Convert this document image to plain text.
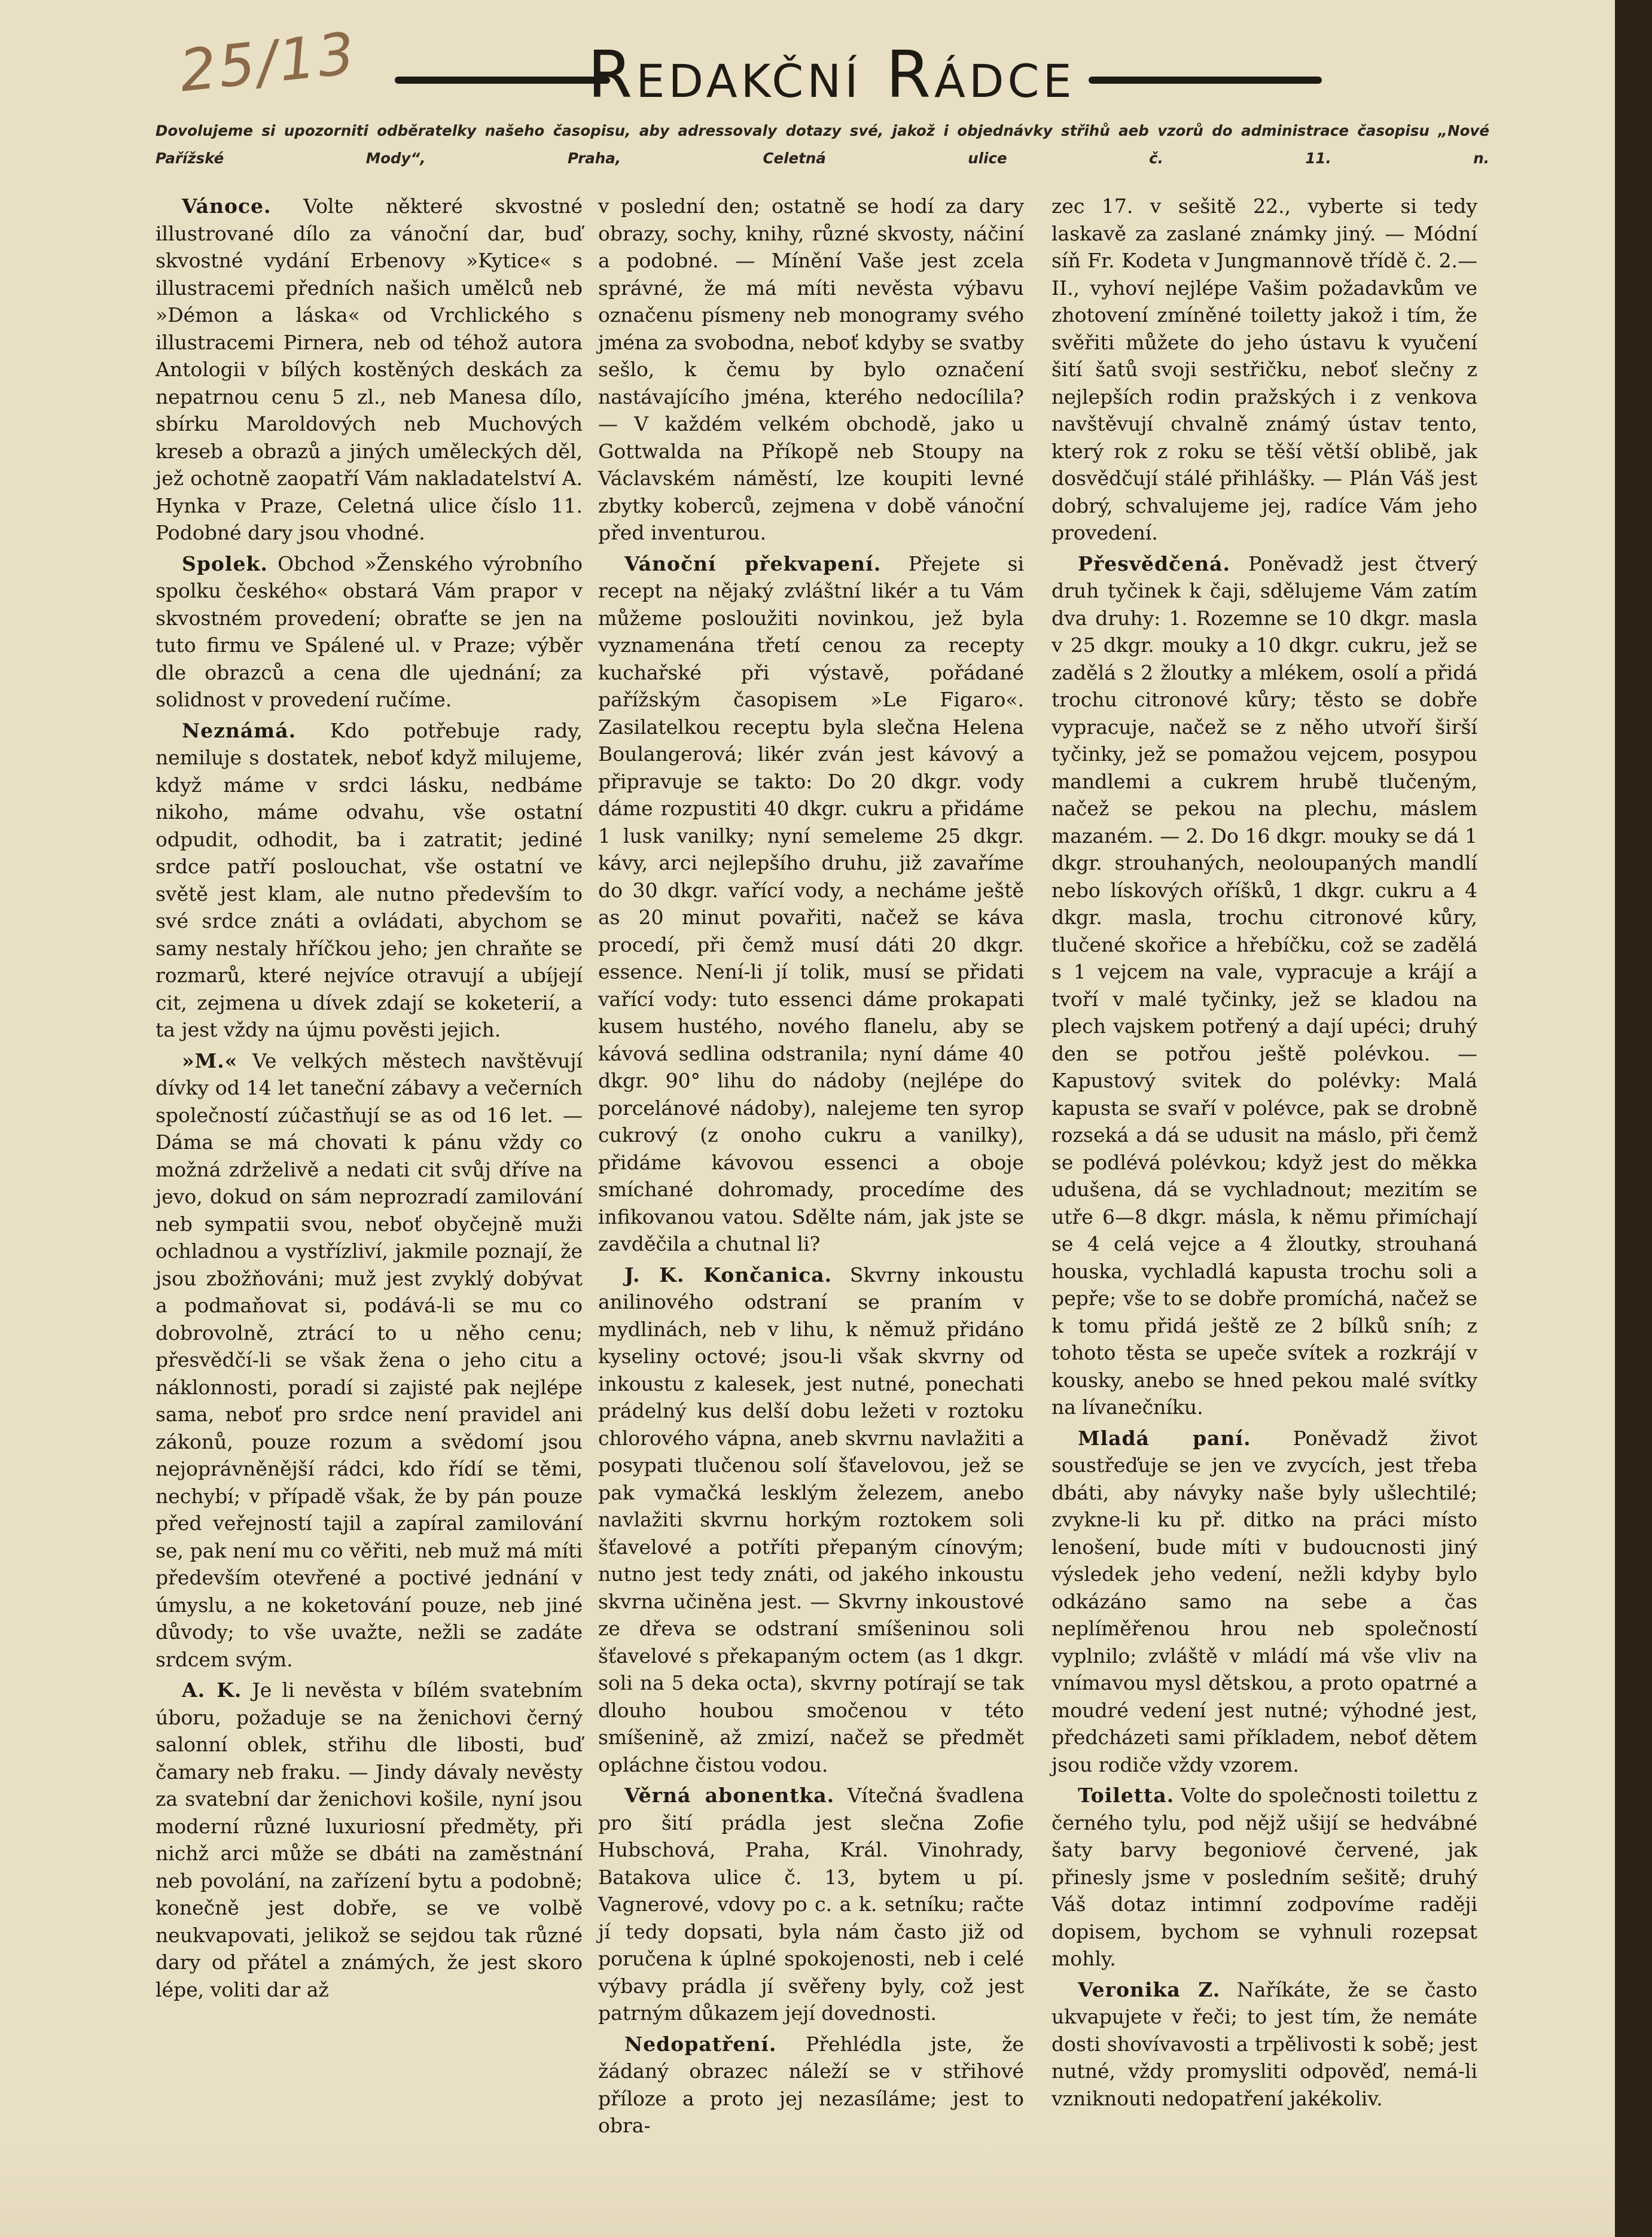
25/13	Redakční Rádce
Dovolujeme si upozorniti odběratelky našeho časopisu, aby adressovaly dotazy své, jakož i objednávky střihů aeb vzorů do administrace časopisu „Nové Pařížské Mody“, Praha, Celetná ulice č. 11. n.

Vánoce. Volte některé skvostné illustrované dílo za vánoční dar, buď skvostné vydání Erbenovy »Kytice« s illustracemi předních našich umělců neb »Démon a láska« od Vrchlického s illustracemi Pirnera, neb od téhož autora Antologii v bílých kostěných deskách za nepatrnou cenu 5 zl., neb Manesa dílo, sbírku Maroldových neb Muchových kreseb a obrazů a jiných uměleckých děl, jež ochotně zaopatří Vám nakladatelství A. Hynka v Praze, Celetná ulice číslo 11. Podobné dary jsou vhodné.

Spolek. Obchod »Ženského výrobního spolku českého« obstará Vám prapor v skvostném provedení; obraťte se jen na tuto firmu ve Spálené ul. v Praze; výběr dle obrazců a cena dle ujednání; za solidnost v provedení ručíme.

Neznámá. Kdo potřebuje rady, nemiluje s dostatek, neboť když milujeme, když máme v srdci lásku, nedbáme nikoho, máme odvahu, vše ostatní odpudit, odhodit, ba i zatratit; jediné srdce patří poslouchat, vše ostatní ve světě jest klam, ale nutno především to své srdce znáti a ovládati, abychom se samy nestaly hříčkou jeho; jen chraňte se rozmarů, které nejvíce otravují a ubíjejí cit, zejmena u dívek zdají se koketerií, a ta jest vždy na újmu pověsti jejich.

»M.« Ve velkých městech navštěvují dívky od 14 let taneční zábavy a večerních společností zúčastňují se as od 16 let. — Dáma se má chovati k pánu vždy co možná zdrželivě a nedati cit svůj dříve na jevo, dokud on sám neprozradí zamilování neb sympatii svou, neboť obyčejně muži ochladnou a vystřízliví, jakmile poznají, že jsou zbožňováni; muž jest zvyklý dobývat a podmaňovat si, podává-li se mu co dobrovolně, ztrácí to u něho cenu; přesvědčí-li se však žena o jeho citu a náklonnosti, poradí si zajisté pak nejlépe sama, neboť pro srdce není pravidel ani zákonů, pouze rozum a svědomí jsou nejoprávněnější rádci, kdo řídí se těmi, nechybí; v případě však, že by pán pouze před veřejností tajil a zapíral zamilování se, pak není mu co věřiti, neb muž má míti především otevřené a poctivé jednání v úmyslu, a ne koketování pouze, neb jiné důvody; to vše uvažte, nežli se zadáte srdcem svým.

A. K. Je li nevěsta v bílém svatebním úboru, požaduje se na ženichovi černý salonní oblek, střihu dle libosti, buď čamary neb fraku. — Jindy dávaly nevěsty za svatební dar ženichovi košile, nyní jsou moderní různé luxuriosní předměty, při nichž arci může se dbáti na zaměstnání neb povolání, na zařízení bytu a podobně; konečně jest dobře, se ve volbě neukvapovati, jelikož se sejdou tak různé dary od přátel a známých, že jest skoro lépe, voliti dar až

v poslední den; ostatně se hodí za dary obrazy, sochy, knihy, různé skvosty, náčiní a podobné. — Mínění Vaše jest zcela správné, že má míti nevěsta výbavu označenu písmeny neb monogramy svého jména za svobodna, neboť kdyby se svatby sešlo, k čemu by bylo označení nastávajícího jména, kterého nedocílila? — V každém velkém obchodě, jako u Gottwalda na Příkopě neb Stoupy na Václavském náměstí, lze koupiti levné zbytky koberců, zejmena v době vánoční před inventurou.

Vánoční překvapení. Přejete si recept na nějaký zvláštní likér a tu Vám můžeme posloužiti novinkou, jež byla vyznamenána třetí cenou za recepty kuchařské při výstavě, pořádané pařížským časopisem »Le Figaro«. Zasilatelkou receptu byla slečna Helena Boulangerová; likér zván jest kávový a připravuje se takto: Do 20 dkgr. vody dáme rozpustiti 40 dkgr. cukru a přidáme 1 lusk vanilky; nyní semeleme 25 dkgr. kávy, arci nejlepšího druhu, již zavaříme do 30 dkgr. vařící vody, a necháme ještě as 20 minut povařiti, načež se káva procedí, při čemž musí dáti 20 dkgr. essence. Není-li jí tolik, musí se přidati vařící vody: tuto essenci dáme prokapati kusem hustého, nového flanelu, aby se kávová sedlina odstranila; nyní dáme 40 dkgr. 90° lihu do nádoby (nejlépe do porcelánové nádoby), nalejeme ten syrop cukrový (z onoho cukru a vanilky), přidáme kávovou essenci a oboje smíchané dohromady, procedíme des infikovanou vatou. Sdělte nám, jak jste se zavděčila a chutnal li?

J. K. Končanica. Skvrny inkoustu anilinového odstraní se praním v mydlinách, neb v lihu, k němuž přidáno kyseliny octové; jsou-li však skvrny od inkoustu z kalesek, jest nutné, ponechati prádelný kus delší dobu ležeti v roztoku chlorového vápna, aneb skvrnu navlažiti a posypati tlučenou solí šťavelovou, jež se pak vymačká lesklým železem, anebo navlažiti skvrnu horkým roztokem soli šťavelové a potříti přepaným cínovým; nutno jest tedy znáti, od jakého inkoustu skvrna učiněna jest. — Skvrny inkoustové ze dřeva se odstraní smíšeninou soli šťavelové s překapaným octem (as 1 dkgr. soli na 5 deka octa), skvrny potírají se tak dlouho houbou smočenou v této smíšenině, až zmizí, načež se předmět opláchne čistou vodou.

Věrná abonentka. Vítečná švadlena pro šití prádla jest slečna Zofie Hubschová, Praha, Král. Vinohrady, Batakova ulice č. 13, bytem u pí. Vagnerové, vdovy po c. a k. setníku; račte jí tedy dopsati, byla nám často již od poručena k úplné spokojenosti, neb i celé výbavy prádla jí svěřeny byly, což jest patrným důkazem její dovednosti.

Nedopatření. Přehlédla jste, že žádaný obrazec náleží se v střihové příloze a proto jej nezasíláme; jest to obra-

zec 17. v sešitě 22., vyberte si tedy laskavě za zaslané známky jiný. — Módní síň Fr. Kodeta v Jungmannově třídě č. 2.—II., vyhoví nejlépe Vašim požadavkům ve zhotovení zmíněné toiletty jakož i tím, že svěřiti můžete do jeho ústavu k vyučení šití šatů svoji sestřičku, neboť slečny z nejlepších rodin pražských i z venkova navštěvují chvalně známý ústav tento, který rok z roku se těší větší oblibě, jak dosvědčují stálé přihlášky. — Plán Váš jest dobrý, schvalujeme jej, radíce Vám jeho provedení.

Přesvědčená. Poněvadž jest čtverý druh tyčinek k čaji, sdělujeme Vám zatím dva druhy: 1. Rozemne se 10 dkgr. masla v 25 dkgr. mouky a 10 dkgr. cukru, jež se zadělá s 2 žloutky a mlékem, osolí a přidá trochu citronové kůry; těsto se dobře vypracuje, načež se z něho utvoří širší tyčinky, jež se pomažou vejcem, posypou mandlemi a cukrem hrubě tlučeným, načež se pekou na plechu, máslem mazaném. — 2. Do 16 dkgr. mouky se dá 1 dkgr. strouhaných, neoloupaných mandlí nebo lískových oříšků, 1 dkgr. cukru a 4 dkgr. masla, trochu citronové kůry, tlučené skořice a hřebíčku, což se zadělá s 1 vejcem na vale, vypracuje a krájí a tvoří v malé tyčinky, jež se kladou na plech vajskem potřený a dají upéci; druhý den se potřou ještě polévkou. — Kapustový svitek do polévky: Malá kapusta se svaří v polévce, pak se drobně rozseká a dá se udusit na máslo, při čemž se podlévá polévkou; když jest do měkka udušena, dá se vychladnout; mezitím se utře 6—8 dkgr. másla, k němu přimíchají se 4 celá vejce a 4 žloutky, strouhaná houska, vychladlá kapusta trochu soli a pepře; vše to se dobře promíchá, načež se k tomu přidá ještě ze 2 bílků sníh; z tohoto těsta se upeče svítek a rozkrájí v kousky, anebo se hned pekou malé svítky na lívanečníku.

Mladá paní. Poněvadž život soustřeďuje se jen ve zvycích, jest třeba dbáti, aby návyky naše byly ušlechtilé; zvykne-li ku př. ditko na práci místo lenošení, bude míti v budoucnosti jiný výsledek jeho vedení, nežli kdyby bylo odkázáno samo na sebe a čas neplíměřenou hrou neb společností vyplnilo; zvláště v mládí má vše vliv na vnímavou mysl dětskou, a proto opatrné a moudré vedení jest nutné; výhodné jest, předcházeti sami příkladem, neboť dětem jsou rodiče vždy vzorem.

Toiletta. Volte do společnosti toilettu z černého tylu, pod nějž ušijí se hedvábné šaty barvy begoniové červené, jak přinesly jsme v posledním sešitě; druhý Váš dotaz intimní zodpovíme raději dopisem, bychom se vyhnuli rozepsat mohly.

Veronika Z. Naříkáte, že se často ukvapujete v řeči; to jest tím, že nemáte dosti shovívavosti a trpělivosti k sobě; jest nutné, vždy promysliti odpověď, nemá-li vzniknouti nedopatření jakékoliv.
